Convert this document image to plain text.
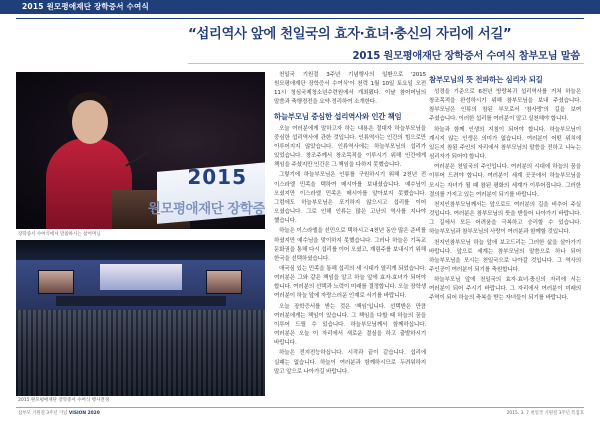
2015 원모평애재단 장학증서 수여식
“섭리역사 앞에 천일국의 효자·효녀·충신의 자리에 서길”
2015 원모평애재단 장학증서 수여식 참부모님 말씀
2015
원모평애재단 장학증
장학증서 수여식에서 말씀하시는 참어머님
2015 원모평애재단 장학증서 수여식 행사전경

천일국 기원절 3주년 기념행사의 일환으로 '2015 원모평애재단 장학증서 수여식'이 천력 1월 10일 토요일 오전 11시 청심국제청소년수련원에서 개최됐다. 이날 참어머님의 말씀과 축행경전을 요약·정리하여 소개한다.

하늘부모님 중심한 섭리역사와 인간 책임

오늘 여러분에게 말하고자 하는 내용은 절대자 하늘부모님을 중심한 섭리역사에 관한 것입니다. 인류역사는 인간의 힘으로만 이루어지지 않았습니다. 인류역사에는 하늘부모님의 섭리가 있었습니다. 창조주께서 창조목적을 이루시기 위해 인간에게 책임을 주셨지만 인간은 그 책임을 다하지 못했습니다.

그렇기에 하늘부모님은 인류를 구원하시기 위해 2천년 전 이스라엘 민족을 택하여 메시아를 보내셨습니다. 예수님이 오셨지만 이스라엘 민족은 메시아를 알아보지 못했습니다. 그럼에도 하늘부모님은 포기하지 않으시고 섭리를 이어 오셨습니다. 그로 인해 인류는 많은 고난의 역사를 지나야 했습니다.

하늘은 이스라엘을 선민으로 택하시고 4천년 동안 많은 준비를 하셨지만 예수님을 맞이하지 못했습니다. 그러나 하늘은 기독교 문화권을 통해 다시 섭리를 이어 오셨고, 재림주를 보내시기 위해 한국을 선택하셨습니다.

애국심 있는 민족을 통해 섭리의 새 시대가 열리게 되었습니다. 여러분은 그와 같은 책임을 알고 하늘 앞에 효자·효녀가 되어야 합니다. 여러분의 선택과 노력이 미래를 결정합니다. 오늘 장학생 여러분이 하늘 앞에 자랑스러운 인재로 서기를 바랍니다.

오늘 장학증서를 받는 것은 '책임'입니다. 선택받은 만큼 여러분에게는 책임이 있습니다. 그 책임을 다할 때 하늘의 꿈을 이루어 드릴 수 있습니다. 하늘부모님께서 함께하십니다. 여러분은 오늘 이 자리에서 새로운 결심을 하고 출발하시기 바랍니다.

하늘은 전지전능하십니다. 시작과 끝이 같습니다. 섭리에 실패는 없습니다. 하늘이 여러분과 함께하시므로 두려워하지 말고 앞으로 나아가길 바랍니다.

참부모님의 뜻 전파하는 심리자 되길

성경을 기준으로 6천년 방랑복귀 섭리역사를 거쳐 하늘은 창조목적을 완성하시기 위해 참부모님을 보내 주셨습니다. 참부모님은 인류의 참된 부모로서 '참사랑'의 길을 보여 주셨습니다. 이러한 섭리를 여러분이 알고 실천해야 합니다.

하늘과 함께 인생의 지침이 되어야 합니다. 하늘부모님이 계시지 않는 인생은 의미가 없습니다. 여러분이 어떤 위치에 있든지 참된 주인의 자리에서 참부모님의 말씀을 전하고 나누는 심리자가 되어야 합니다.

여러분은 천일국의 주인입니다. 여러분의 시대에 하늘의 꿈을 이루어 드려야 합니다. 여러분이 세계 곳곳에서 하늘부모님을 모시는 자녀가 될 때 참된 평화의 세계가 이루어집니다. 그러한 결의를 가지고 있는 여러분이 되기를 바랍니다.

천지인참부모님께서는 앞으로도 여러분의 길을 비추어 주실 것입니다. 여러분은 참부모님의 뜻을 받들어 나아가기 바랍니다. 그 길에서 모든 어려움을 극복하고 승리할 수 있습니다. 하늘부모님과 참부모님의 사랑이 여러분과 함께할 것입니다.

천지인참부모님 하늘 앞에 보고드리는 그러한 삶을 살아가기 바랍니다. 앞으로 세계는 참부모님의 말씀으로 하나 되어 하늘부모님을 모시는 천일국으로 나아갈 것입니다. 그 역사의 주인공이 여러분이 되기를 축원합니다.

하늘부모님 앞에 천일국의 효자·효녀·충신의 자리에 서는 여러분이 되어 주시기 바랍니다. 그 자리에서 여러분이 미래의 주역이 되어 하늘의 축복을 받는 자녀들이 되기를 바랍니다.

참부모 기원절 3주년 기념 VISION 2020	2015. 3. 7 천일국 기원절 3주년 특집호
